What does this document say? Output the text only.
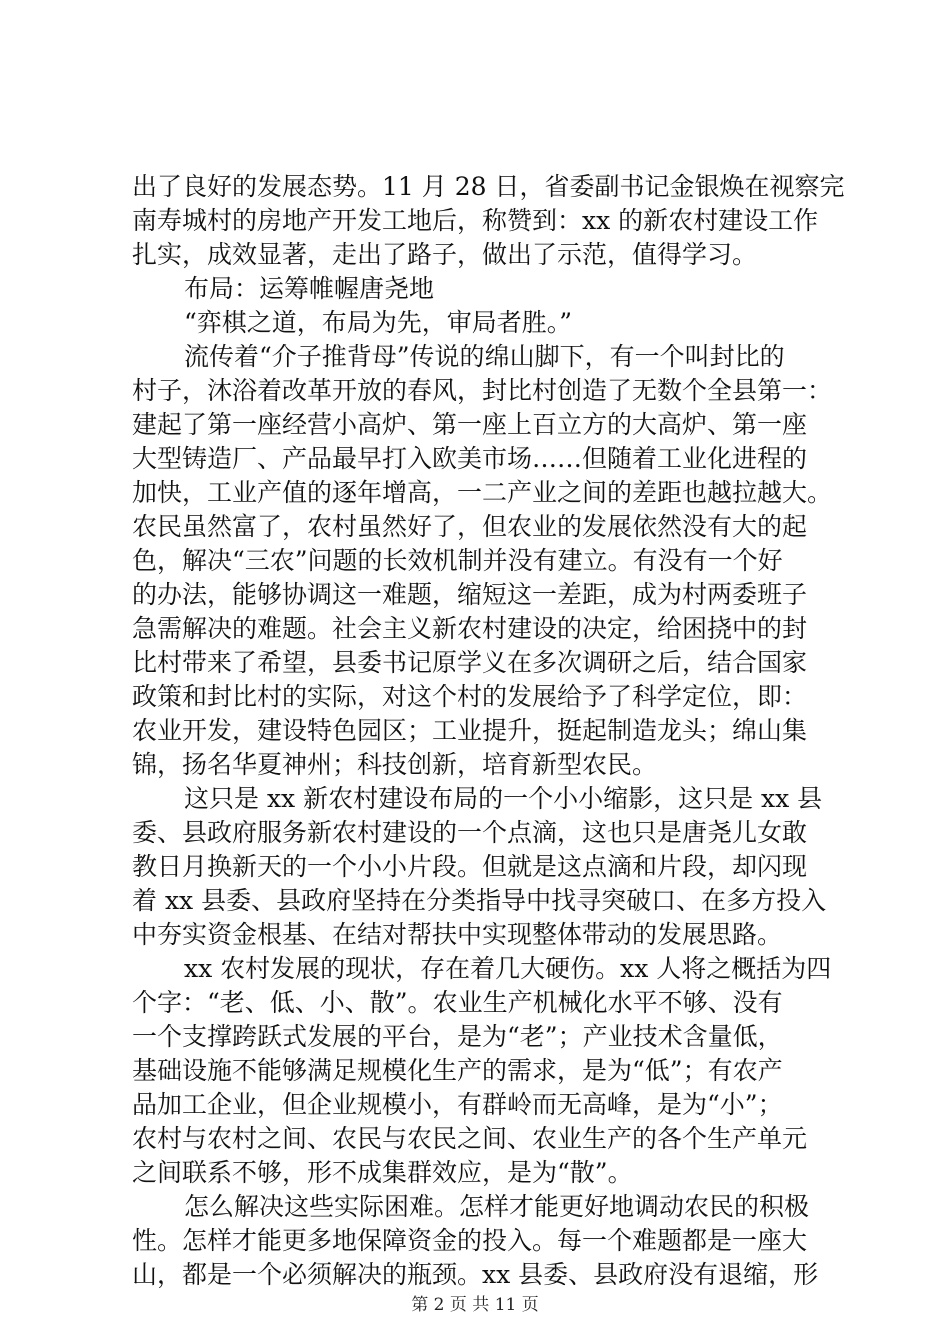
出了良好的发展态势。11 月 28 日，省委副书记金银焕在视察完
南寿城村的房地产开发工地后，称赞到：xx 的新农村建设工作
扎实，成效显著，走出了路子，做出了示范，值得学习。
布局：运筹帷幄唐尧地
“弈棋之道，布局为先，审局者胜。”
流传着“介子推背母”传说的绵山脚下，有一个叫封比的
村子，沐浴着改革开放的春风，封比村创造了无数个全县第一：
建起了第一座经营小高炉、第一座上百立方的大高炉、第一座
大型铸造厂、产品最早打入欧美市场……但随着工业化进程的
加快，工业产值的逐年增高，一二产业之间的差距也越拉越大。
农民虽然富了，农村虽然好了，但农业的发展依然没有大的起
色，解决“三农”问题的长效机制并没有建立。有没有一个好
的办法，能够协调这一难题，缩短这一差距，成为村两委班子
急需解决的难题。社会主义新农村建设的决定，给困挠中的封
比村带来了希望，县委书记原学义在多次调研之后，结合国家
政策和封比村的实际，对这个村的发展给予了科学定位，即：
农业开发，建设特色园区；工业提升，挺起制造龙头；绵山集
锦，扬名华夏神州；科技创新，培育新型农民。
这只是 xx 新农村建设布局的一个小小缩影，这只是 xx 县
委、县政府服务新农村建设的一个点滴，这也只是唐尧儿女敢
教日月换新天的一个小小片段。但就是这点滴和片段，却闪现
着 xx 县委、县政府坚持在分类指导中找寻突破口、在多方投入
中夯实资金根基、在结对帮扶中实现整体带动的发展思路。
xx 农村发展的现状，存在着几大硬伤。xx 人将之概括为四
个字：“老、低、小、散”。农业生产机械化水平不够、没有
一个支撑跨跃式发展的平台，是为“老”；产业技术含量低，
基础设施不能够满足规模化生产的需求，是为“低”；有农产
品加工企业，但企业规模小，有群岭而无高峰，是为“小”；
农村与农村之间、农民与农民之间、农业生产的各个生产单元
之间联系不够，形不成集群效应，是为“散”。
怎么解决这些实际困难。怎样才能更好地调动农民的积极
性。怎样才能更多地保障资金的投入。每一个难题都是一座大
山，都是一个必须解决的瓶颈。xx 县委、县政府没有退缩，形
第 2 页 共 11 页
